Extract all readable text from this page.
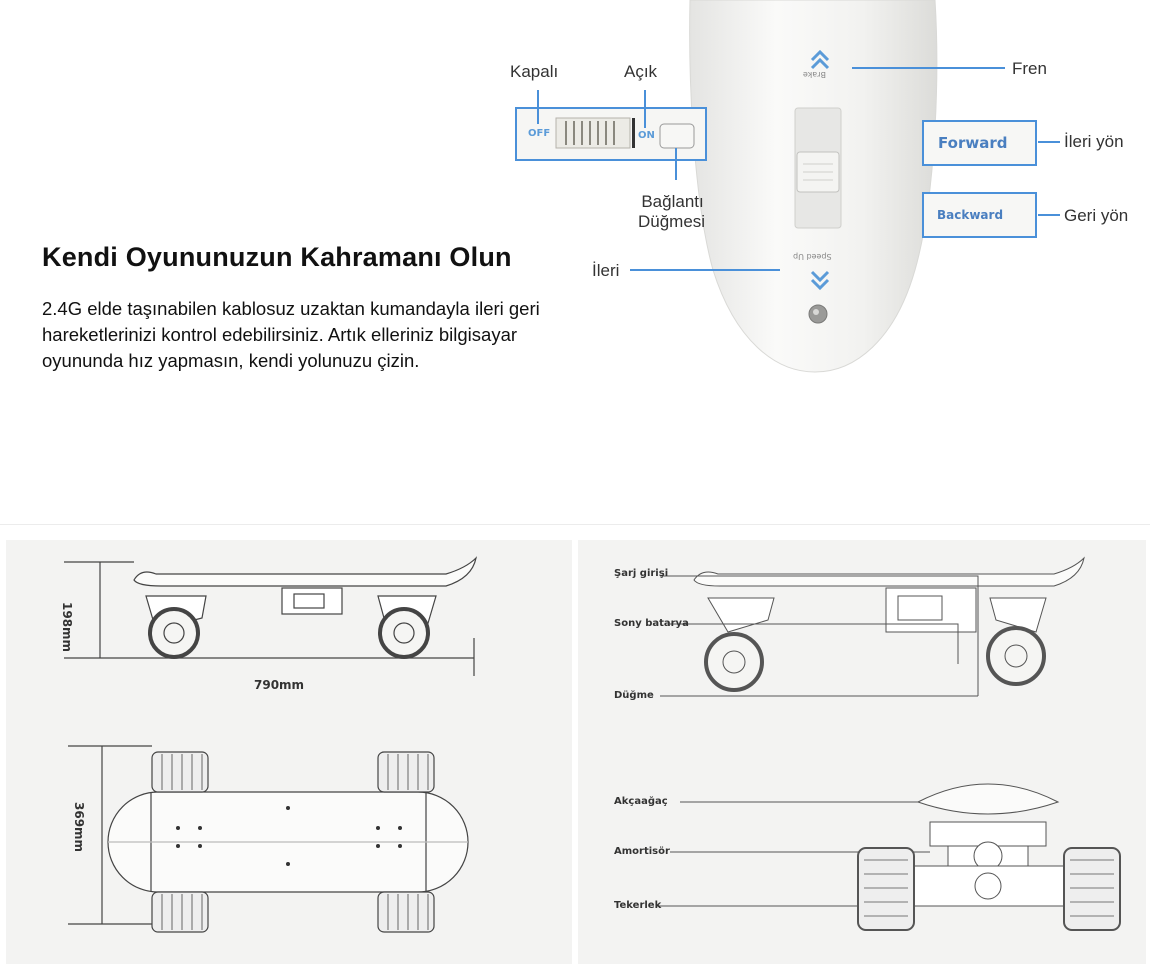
Kapalı	Açık
OFF	ON
Bağlantı
Düğmesi
Fren
Brake
Speed Up
Forward
Backward
İleri yön
Geri yön
İleri
Kendi Oyununuzun Kahramanı Olun
2.4G elde taşınabilen kablosuz uzaktan kumandayla ileri geri hareketlerinizi kontrol edebilirsiniz. Artık elleriniz bilgisayar oyununda hız yapmasın, kendi yolunuzu çizin.
198mm
790mm
369mm
Şarj girişi
Sony batarya
Düğme
Akçaağaç
Amortisör
Tekerlek
